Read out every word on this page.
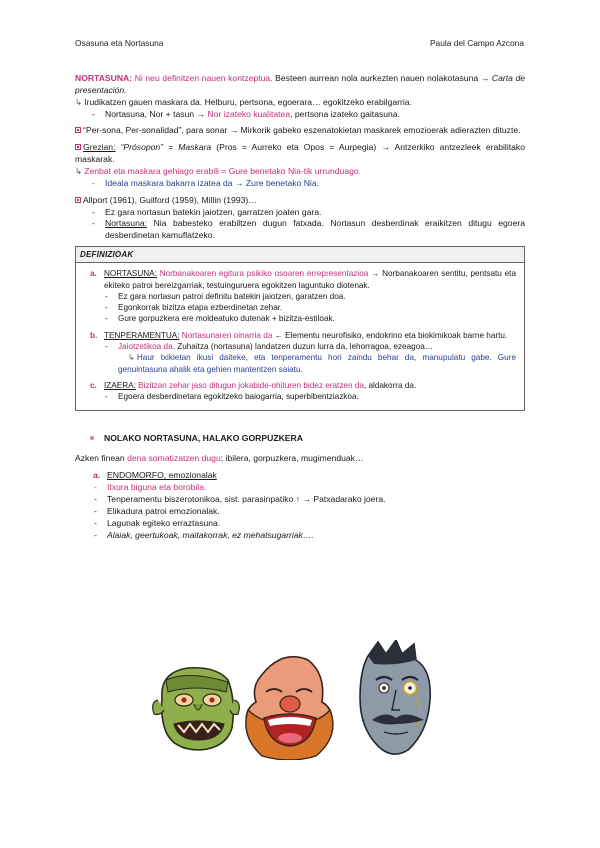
Osasuna eta Nortasuna	Paula del Campo Azcona

NORTASUNA: Ni neu definitzen nauen kontzeptua. Besteen aurrean nola aurkezten nauen nolakotasuna → Carta de presentación.

↳ Irudikatzen gauen maskara da. Helburu, pertsona, egoerara… egokitzeko erabilgarria.

- Nortasuna, Nor + tasun → Nor izateko kualitatea, pertsona izateko gaitasuna.

“Per-sona, Per-sonalidad”, para sonar → Mirkorik gabeko eszenatokietan maskarek emozioerak adierazten dituzte.

Grezian: “Prósopon” = Maskara (Pros = Aurreko eta Opos = Aurpegia) → Antzerkiko antzezleek erabilitako maskarak.

↳ Zenbat eta maskara gehiago erabili = Gure benetako Nia-tik urrunduago.

- Idealа maskara bakarra izatea da → Zure benetako Nia.

Allport (1961), Guilford (1959), Millin (1993)…

- Ez gara nortasun batekin jaiotzen, garratzen joaten gara.

- Nortasuna: Nia babesteko erabiltzen dugun fatxada. Nortasun desberdinak eraikitzen ditugu egoera desberdinetan kamuflatzeko.

DEFINIZIOAK

a. NORTASUNA: Norbanakoaren egitura psikiko osoaren errepresentazioa → Norbanakoaren sentitu, pentsatu eta ekiteko patroi bereizgarriak, testuinguruera egokitzen laguntuko diotenak.

- Ez gara nortasun patroi definitu batekin jaiotzen, garatzen doa.

- Egonkorrak bizitza etapa ezberdinetan zehar.

- Gure gorpuzkera ere moldeatuko dutenak + bizitza-estiloak.

b. TENPERAMENTUA: Nortasunaren oinarria da ← Elementu neurofisiko, endokrino eta biokimikoak barne hartu.

- Jaiotzetikoa da. Zuhaitza (nortasuna) landatzen duzun lurra da, lehorragoa, ezeagoa…

↳ Haur txikietan ikusi daiteke, eta tenperamentu hori zaindu behar da, manupulatu gabe. Gure genuintasuna ahalik eta gehien mantentzen saiatu.

c. IZAERA: Bizitzan zehar jaso ditugun jokabide-ohituren bidez eratzen da, aldakorra da.

- Egoera desberdinetara egokitzeko baiogarria, superbibentziazkoa.

NOLAKO NORTASUNA, HALAKO GORPUZKERA

Azken finean dena somatizatzen dugu; ibilera, gorpuzkera, mugimenduak…

a. ENDOMORFO, emozionalak

- Itxura biguna eta borobila.

- Tenperamentu biszerotonikoa, sist. parasinpatiko ↑ → Patxadarako joera.

- Elikadura patroi emozionalak.

- Lagunak egiteko erraztasuna.

- Alaiak, geertukoak, maitakorrak, ez mehatsugarriak….
